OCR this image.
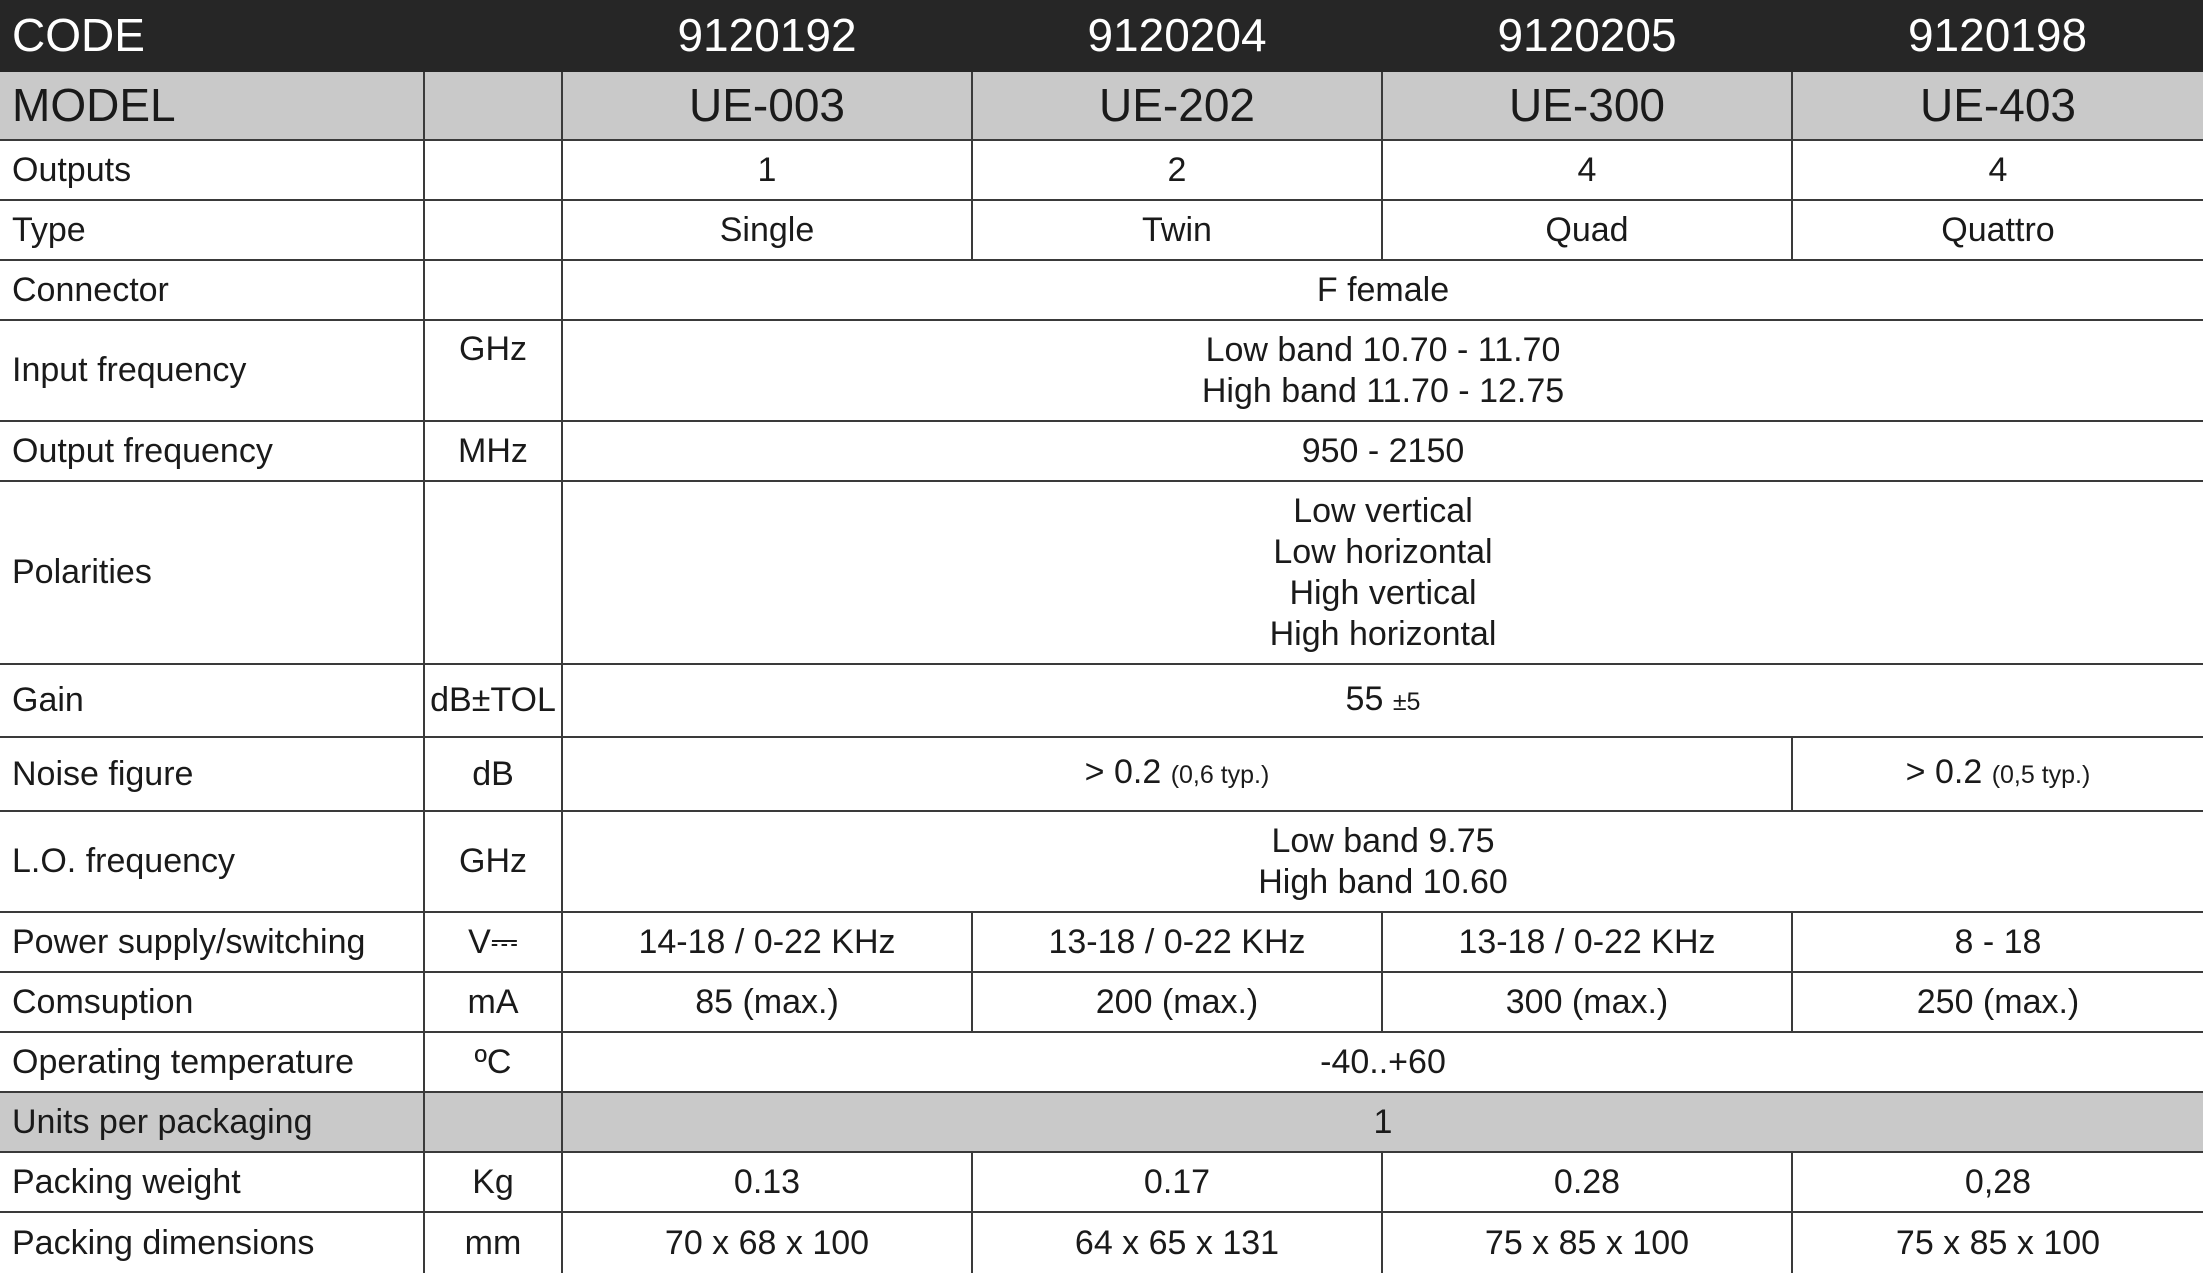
CODE		9120192	9120204	9120205	9120198
MODEL		UE-003	UE-202	UE-300	UE-403
Outputs		1	2	4	4
Type		Single	Twin	Quad	Quattro
Connector		F female			
Input frequency	GHz	Low band 10.70 - 11.70
High band 11.70 - 12.75			

Output frequency	MHz	950 - 2150			
Polarities		Low vertical
Low horizontal
High vertical
High horizontal			

Gain	dB±TOL	55 ±5			
Noise figure	dB	> 0.2 (0,6 typ.)			> 0.2 (0,5 typ.)
L.O. frequency	GHz	Low band 9.75
High band 10.60			

Power supply/switching	V⎓	14-18 / 0-22 KHz	13-18 / 0-22 KHz	13-18 / 0-22 KHz	8 - 18
Comsuption	mA	85 (max.)	200 (max.)	300 (max.)	250 (max.)
Operating temperature	ºC	-40..+60			
Units per packaging		1			
Packing weight	Kg	0.13	0.17	0.28	0,28
Packing dimensions	mm	70 x 68 x 100	64 x 65 x 131	75 x 85 x 100	75 x 85 x 100
